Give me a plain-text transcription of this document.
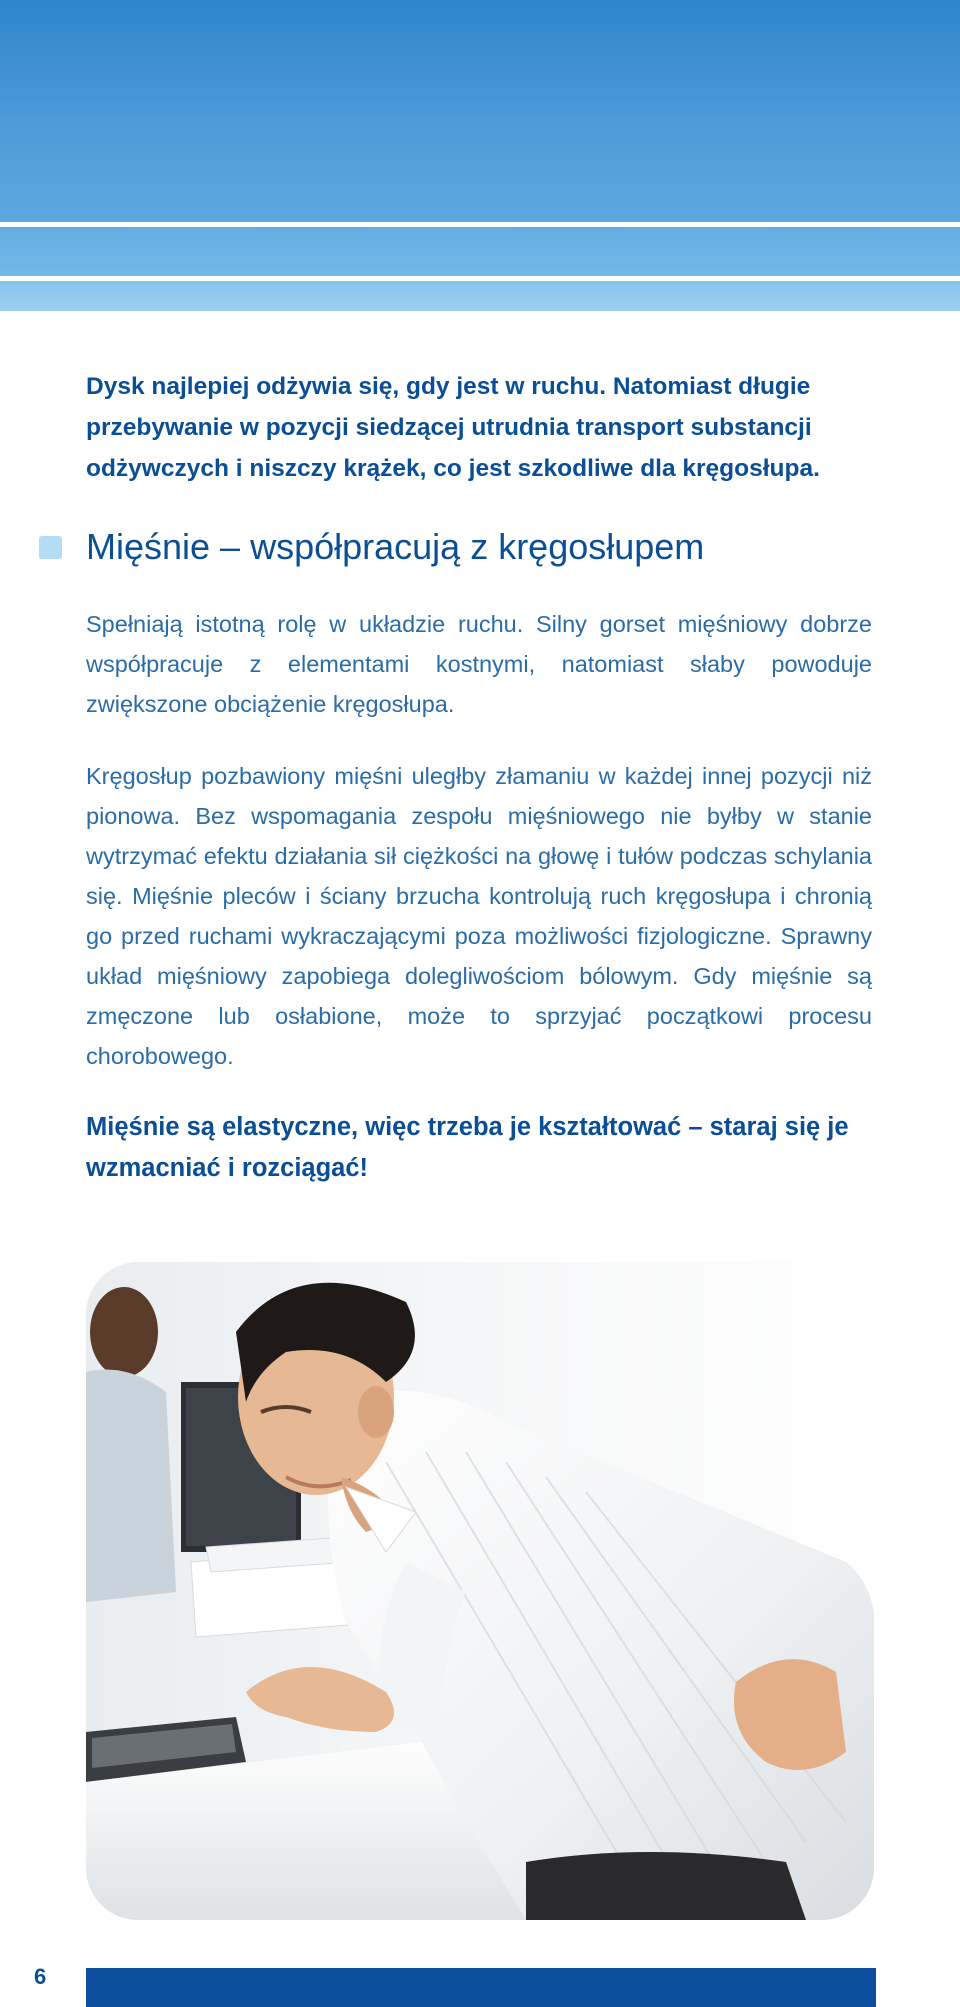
Dysk najlepiej odżywia się, gdy jest w ruchu. Natomiast długie przebywanie w pozycji siedzącej utrudnia transport substancji odżywczych i niszczy krążek, co jest szkodliwe dla kręgosłupa.

Mięśnie – współpracują z kręgosłupem

Spełniają istotną rolę w układzie ruchu. Silny gorset mięśniowy dobrze współpracuje z elementami kostnymi, natomiast słaby powoduje zwiększone obciążenie kręgosłupa.

Kręgosłup pozbawiony mięśni uległby złamaniu w każdej innej pozycji niż pionowa. Bez wspomagania zespołu mięśniowego nie byłby w stanie wytrzymać efektu działania sił ciężkości na głowę i tułów podczas schylania się. Mięśnie pleców i ściany brzucha kontrolują ruch kręgosłupa i chronią go przed ruchami wykraczającymi poza możliwości fizjologiczne. Sprawny układ mięśniowy zapobiega dolegliwościom bólowym. Gdy mięśnie są zmęczone lub osłabione, może to sprzyjać początkowi procesu chorobowego.

Mięśnie są elastyczne, więc trzeba je kształtować – staraj się je wzmacniać i rozciągać!

6
